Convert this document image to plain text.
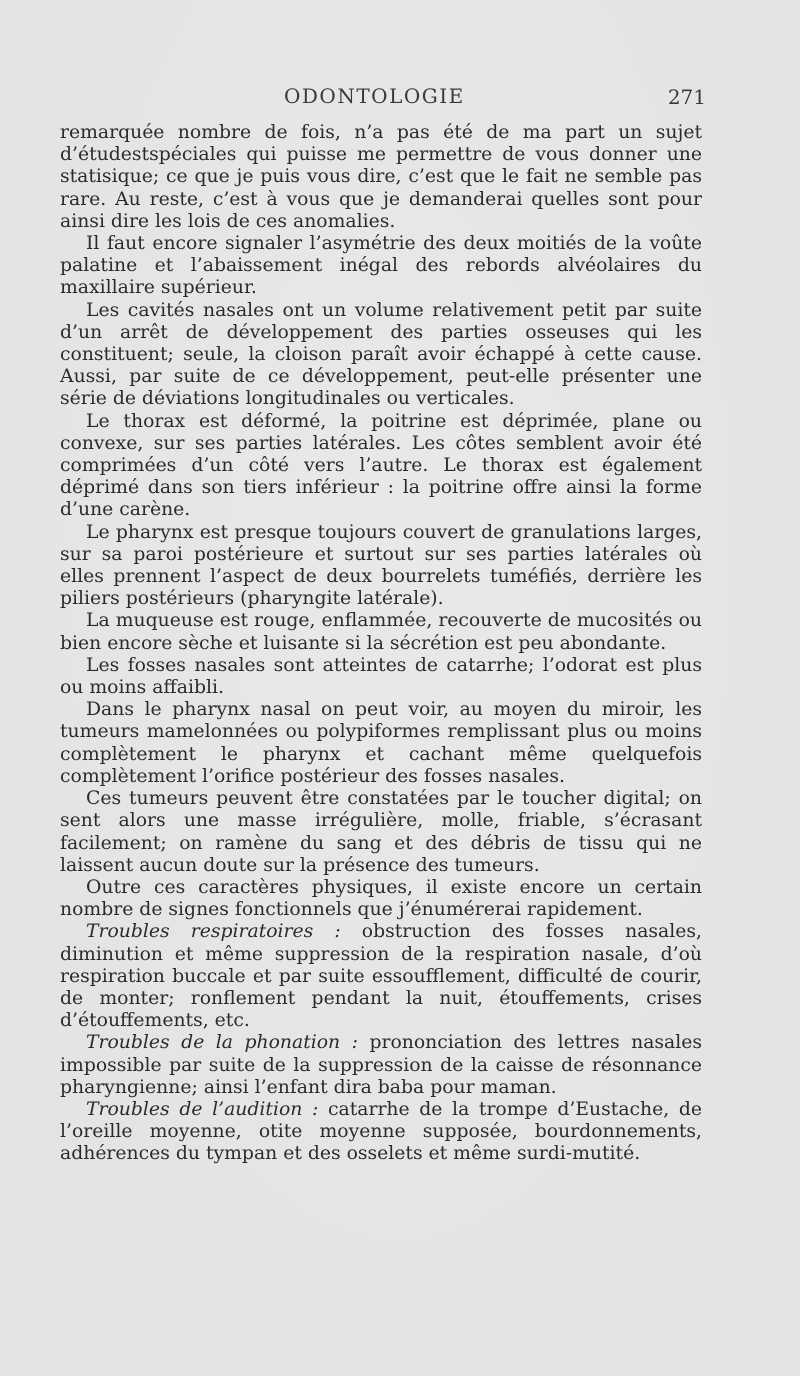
ODONTOLOGIE	271

remarquée nombre de fois, n’a pas été de ma part un sujet d’étudestspéciales qui puisse me permettre de vous donner une statisique; ce que je puis vous dire, c’est que le fait ne semble pas rare. Au reste, c’est à vous que je demanderai quelles sont pour ainsi dire les lois de ces anomalies.

Il faut encore signaler l’asymétrie des deux moitiés de la voûte palatine et l’abaissement inégal des rebords alvéolaires du maxillaire supérieur.

Les cavités nasales ont un volume relativement petit par suite d’un arrêt de développement des parties osseuses qui les constituent; seule, la cloison paraît avoir échappé à cette cause. Aussi, par suite de ce développement, peut-elle présenter une série de déviations longitudinales ou verticales.

Le thorax est déformé, la poitrine est déprimée, plane ou convexe, sur ses parties latérales. Les côtes semblent avoir été comprimées d’un côté vers l’autre. Le thorax est également déprimé dans son tiers inférieur : la poitrine offre ainsi la forme d’une carène.

Le pharynx est presque toujours couvert de granulations larges, sur sa paroi postérieure et surtout sur ses parties latérales où elles prennent l’aspect de deux bourrelets tuméfiés, derrière les piliers postérieurs (pharyngite latérale).

La muqueuse est rouge, enflammée, recouverte de mucosités ou bien encore sèche et luisante si la sécrétion est peu abondante.

Les fosses nasales sont atteintes de catarrhe; l’odorat est plus ou moins affaibli.

Dans le pharynx nasal on peut voir, au moyen du miroir, les tumeurs mamelonnées ou polypiformes remplissant plus ou moins complètement le pharynx et cachant même quelquefois complètement l’orifice postérieur des fosses nasales.

Ces tumeurs peuvent être constatées par le toucher digital; on sent alors une masse irrégulière, molle, friable, s’écrasant facilement; on ramène du sang et des débris de tissu qui ne laissent aucun doute sur la présence des tumeurs.

Outre ces caractères physiques, il existe encore un certain nombre de signes fonctionnels que j’énumérerai rapidement.

Troubles respiratoires : obstruction des fosses nasales, diminution et même suppression de la respiration nasale, d’où respiration buccale et par suite essoufflement, difficulté de courir, de monter; ronflement pendant la nuit, étouffements, crises d’étouffements, etc.

Troubles de la phonation : prononciation des lettres nasales impossible par suite de la suppression de la caisse de résonnance pharyngienne; ainsi l’enfant dira baba pour maman.

Troubles de l’audition : catarrhe de la trompe d’Eustache, de l’oreille moyenne, otite moyenne supposée, bourdonnements, adhérences du tympan et des osselets et même surdi-mutité.
